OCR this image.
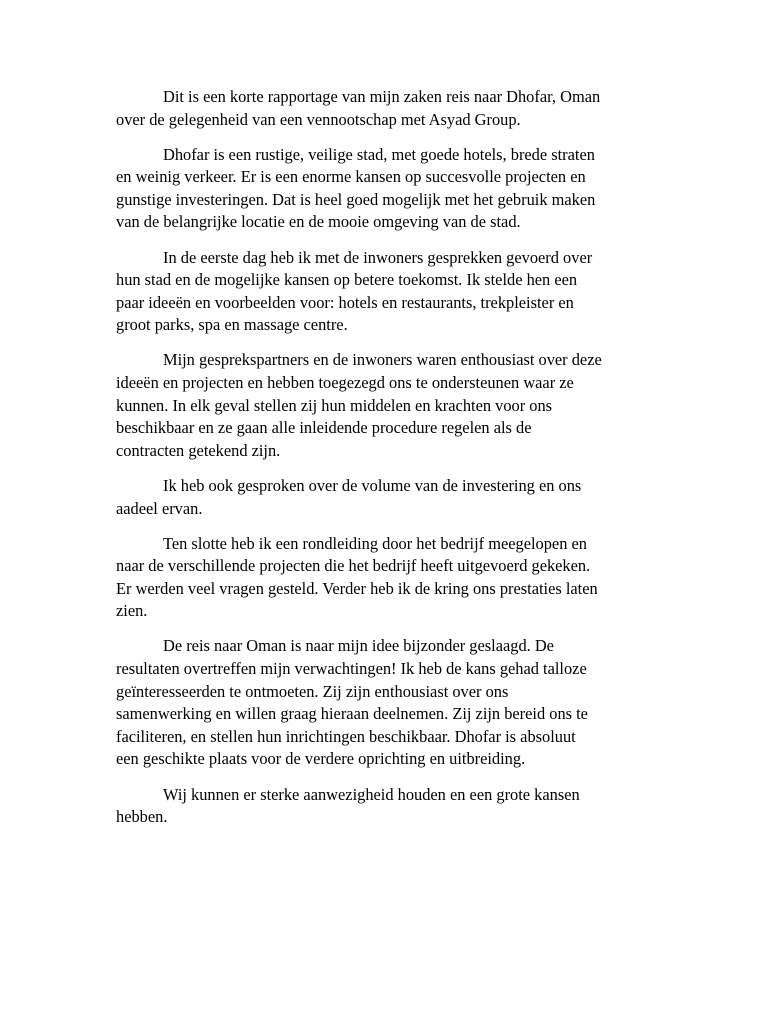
Dit is een korte rapportage van mijn zaken reis naar Dhofar, Oman
over de gelegenheid van een vennootschap met Asyad Group.

Dhofar is een rustige, veilige stad, met goede hotels, brede straten
en weinig verkeer. Er is een enorme kansen op succesvolle projecten en
gunstige investeringen. Dat is heel goed mogelijk met het gebruik maken
van de belangrijke locatie en de mooie omgeving van de stad.

In de eerste dag heb ik met de inwoners gesprekken gevoerd over
hun stad en de mogelijke kansen op betere toekomst. Ik stelde hen een
paar ideeën en voorbeelden voor: hotels en restaurants, trekpleister en
groot parks, spa en massage centre.

Mijn gesprekspartners en de inwoners waren enthousiast over deze
ideeën en projecten en hebben toegezegd ons te ondersteunen waar ze
kunnen. In elk geval stellen zij hun middelen en krachten voor ons
beschikbaar en ze gaan alle inleidende procedure regelen als de
contracten getekend zijn.

Ik heb ook gesproken over de volume van de investering en ons
aadeel ervan.

Ten slotte heb ik een rondleiding door het bedrijf meegelopen en
naar de verschillende projecten die het bedrijf heeft uitgevoerd gekeken.
Er werden veel vragen gesteld. Verder heb ik de kring ons prestaties laten
zien.

De reis naar Oman is naar mijn idee bijzonder geslaagd. De
resultaten overtreffen mijn verwachtingen! Ik heb de kans gehad talloze
geïnteresseerden te ontmoeten. Zij zijn enthousiast over ons
samenwerking en willen graag hieraan deelnemen. Zij zijn bereid ons te
faciliteren, en stellen hun inrichtingen beschikbaar. Dhofar is absoluut
een geschikte plaats voor de verdere oprichting en uitbreiding.

Wij kunnen er sterke aanwezigheid houden en een grote kansen
hebben.
